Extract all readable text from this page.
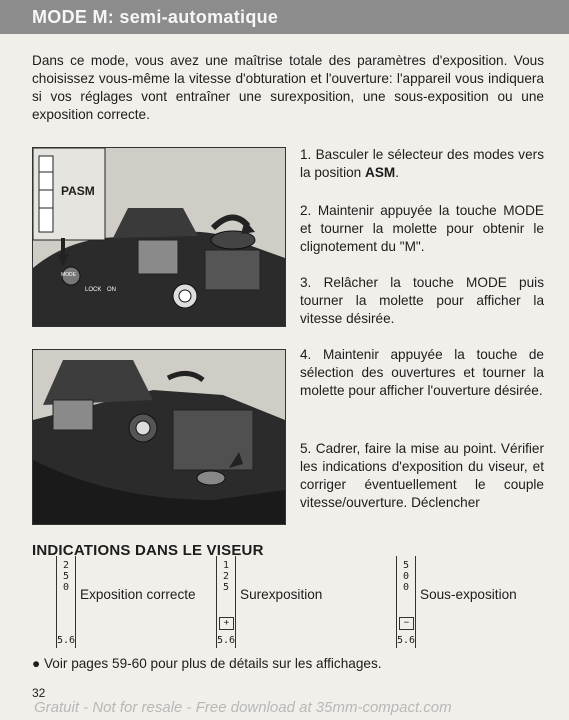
MODE M: semi-automatique

Dans ce mode, vous avez une maîtrise totale des paramètres d'exposition. Vous choisissez vous-même la vitesse d'obturation et l'ouverture: l'appareil vous indiquera si vos réglages vont entraîner une surexposition, une sous-exposition ou une exposition correcte.

PASM
MODE
LOCK ON
1. Basculer le sélecteur des modes vers la position ASM.
2. Maintenir appuyée la touche MODE et tourner la molette pour obtenir le clignotement du "M".
3. Relâcher la touche MODE puis tourner la molette pour afficher la vitesse désirée.
4. Maintenir appuyée la touche de sélection des ouvertures et tourner la molette pour afficher l'ouverture désirée.
5. Cadrer, faire la mise au point. Vérifier les indications d'exposition du viseur, et corriger éventuellement le couple vitesse/ouverture. Déclencher
INDICATIONS DANS LE VISEUR
2
5
0
5.6
Exposition correcte
1
2
5
+
5.6
Surexposition
5
0
0
−
5.6
Sous-exposition
● Voir pages 59-60 pour plus de détails sur les affichages.
32
Gratuit - Not for resale - Free download at 35mm-compact.com
